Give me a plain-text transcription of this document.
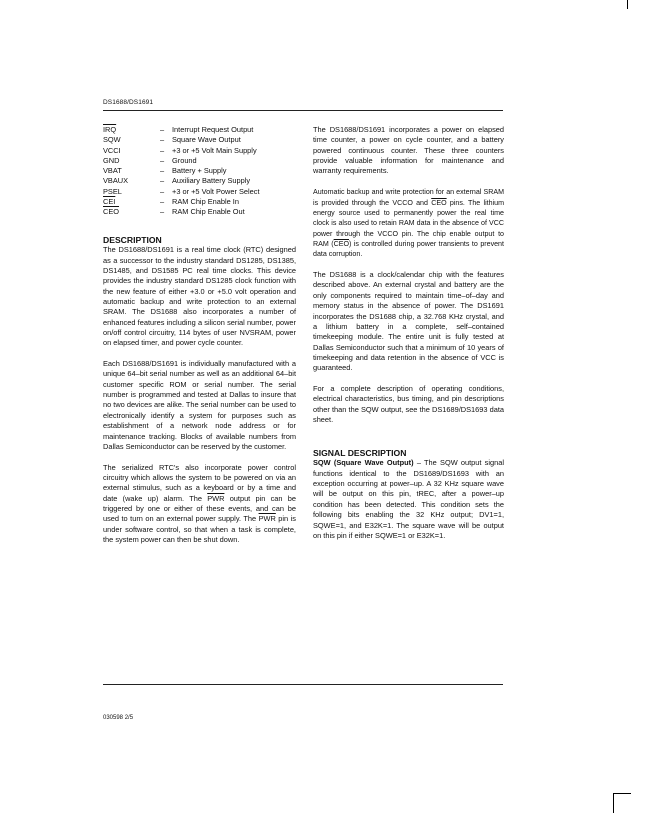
DS1688/DS1691
$\overline{IRQ}$	–	Interrupt Request Output
SQW	–	Square Wave Output
VCCI	–	+3 or +5 Volt Main Supply
GND	–	Ground
VBAT	–	Battery + Supply
VBAUX	–	Auxiliary Battery Supply
PSEL	–	+3 or +5 Volt Power Select
$\overline{CEI}$	–	RAM Chip Enable In
$\overline{CEO}$	–	RAM Chip Enable Out
DESCRIPTION

The DS1688/DS1691 is a real time clock (RTC) designed as a successor to the industry standard DS1285, DS1385, DS1485, and DS1585 PC real time clocks. This device provides the industry standard DS1285 clock function with the new feature of either +3.0 or +5.0 volt operation and automatic backup and write protection to an external SRAM. The DS1688 also incorporates a number of enhanced features including a silicon serial number, power on/off control circuitry, 114 bytes of user NVSRAM, power on elapsed timer, and power cycle counter.

Each DS1688/DS1691 is individually manufactured with a unique 64–bit serial number as well as an additional 64–bit customer specific ROM or serial number. The serial number is programmed and tested at Dallas to insure that no two devices are alike. The serial number can be used to electronically identify a system for purposes such as establishment of a network node address or for maintenance tracking. Blocks of available numbers from Dallas Semiconductor can be reserved by the customer.

The serialized RTC's also incorporate power control circuitry which allows the system to be powered on via an external stimulus, such as a keyboard or by a time and date (wake up) alarm. The $\overline{PWR}$ output pin can be triggered by one or either of these events, and can be used to turn on an external power supply. The $\overline{PWR}$ pin is under software control, so that when a task is complete, the system power can then be shut down.

The DS1688/DS1691 incorporates a power on elapsed time counter, a power on cycle counter, and a battery powered continuous counter. These three counters provide valuable information for maintenance and warranty requirements.

Automatic backup and write protection for an external SRAM is provided through the VCCO and $\overline{CEO}$ pins. The lithium energy source used to permanently power the real time clock is also used to retain RAM data in the absence of VCC power through the VCCO pin. The chip enable output to RAM $(\overline{CEO})$ is controlled during power transients to prevent data corruption.

The DS1688 is a clock/calendar chip with the features described above. An external crystal and battery are the only components required to maintain time–of–day and memory status in the absence of power. The DS1691 incorporates the DS1688 chip, a 32.768 KHz crystal, and a lithium battery in a complete, self–contained timekeeping module. The entire unit is fully tested at Dallas Semiconductor such that a minimum of 10 years of timekeeping and data retention in the absence of VCC is guaranteed.

For a complete description of operating conditions, electrical characteristics, bus timing, and pin descriptions other than the SQW output, see the DS1689/DS1693 data sheet.

SIGNAL DESCRIPTION

SQW (Square Wave Output) – The SQW output signal functions identical to the DS1689/DS1693 with an exception occurring at power–up. A 32 KHz square wave will be output on this pin, tREC, after a power–up condition has been detected. This condition sets the following bits enabling the 32 KHz output; DV1=1, SQWE=1, and E32K=1. The square wave will be output on this pin if either SQWE=1 or E32K=1.

030598 2/5
